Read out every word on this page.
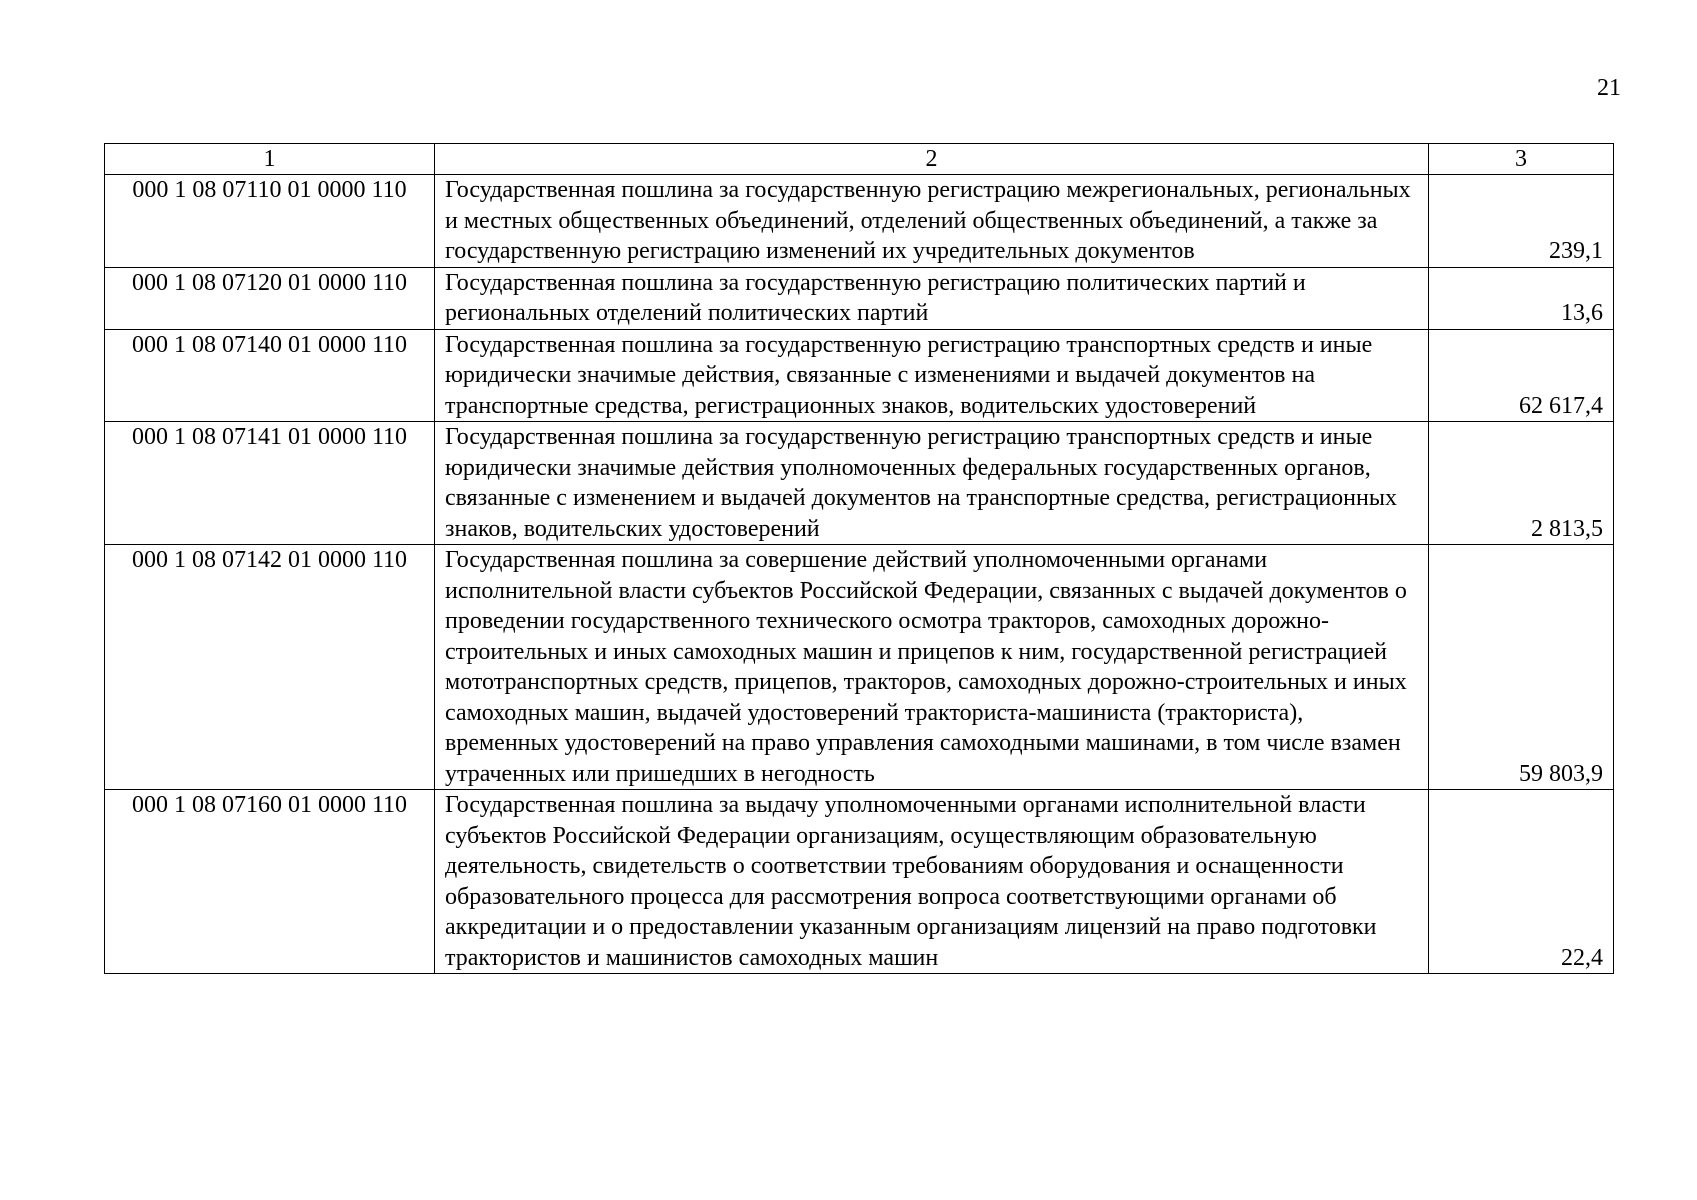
21
1	2	3
000 1 08 07110 01 0000 110	Государственная пошлина за государственную регистрацию межрегиональных, региональных и местных общественных объединений, отделений общественных объединений, а также за государственную регистрацию изменений их учредительных документов	239,1
000 1 08 07120 01 0000 110	Государственная пошлина за государственную регистрацию политических партий и региональных отделений политических партий	13,6
000 1 08 07140 01 0000 110	Государственная пошлина за государственную регистрацию транспортных средств и иные юридически значимые действия, связанные с изменениями и выдачей документов на транспортные средства, регистрационных знаков, водительских удостоверений	62 617,4
000 1 08 07141 01 0000 110	Государственная пошлина за государственную регистрацию транспортных средств и иные юридически значимые действия уполномоченных федеральных государственных органов, связанные с изменением и выдачей документов на транспортные средства, регистрационных знаков, водительских удостоверений	2 813,5
000 1 08 07142 01 0000 110	Государственная пошлина за совершение действий уполномоченными органами исполнительной власти субъектов Российской Федерации, связанных с выдачей документов о проведении государственного технического осмотра тракторов, самоходных дорожно-строительных и иных самоходных машин и прицепов к ним, государственной регистрацией мототранспортных средств, прицепов, тракторов, самоходных дорожно-строительных и иных самоходных машин, выдачей удостоверений тракториста-машиниста (тракториста), временных удостоверений на право управления самоходными машинами, в том числе взамен утраченных или пришедших в негодность	59 803,9
000 1 08 07160 01 0000 110	Государственная пошлина за выдачу уполномоченными органами исполнительной власти субъектов Российской Федерации организациям, осуществляющим образовательную деятельность, свидетельств о соответствии требованиям оборудования и оснащенности образовательного процесса для рассмотрения вопроса соответствующими органами об аккредитации и о предоставлении указанным организациям лицензий на право подготовки трактористов и машинистов самоходных машин	22,4
